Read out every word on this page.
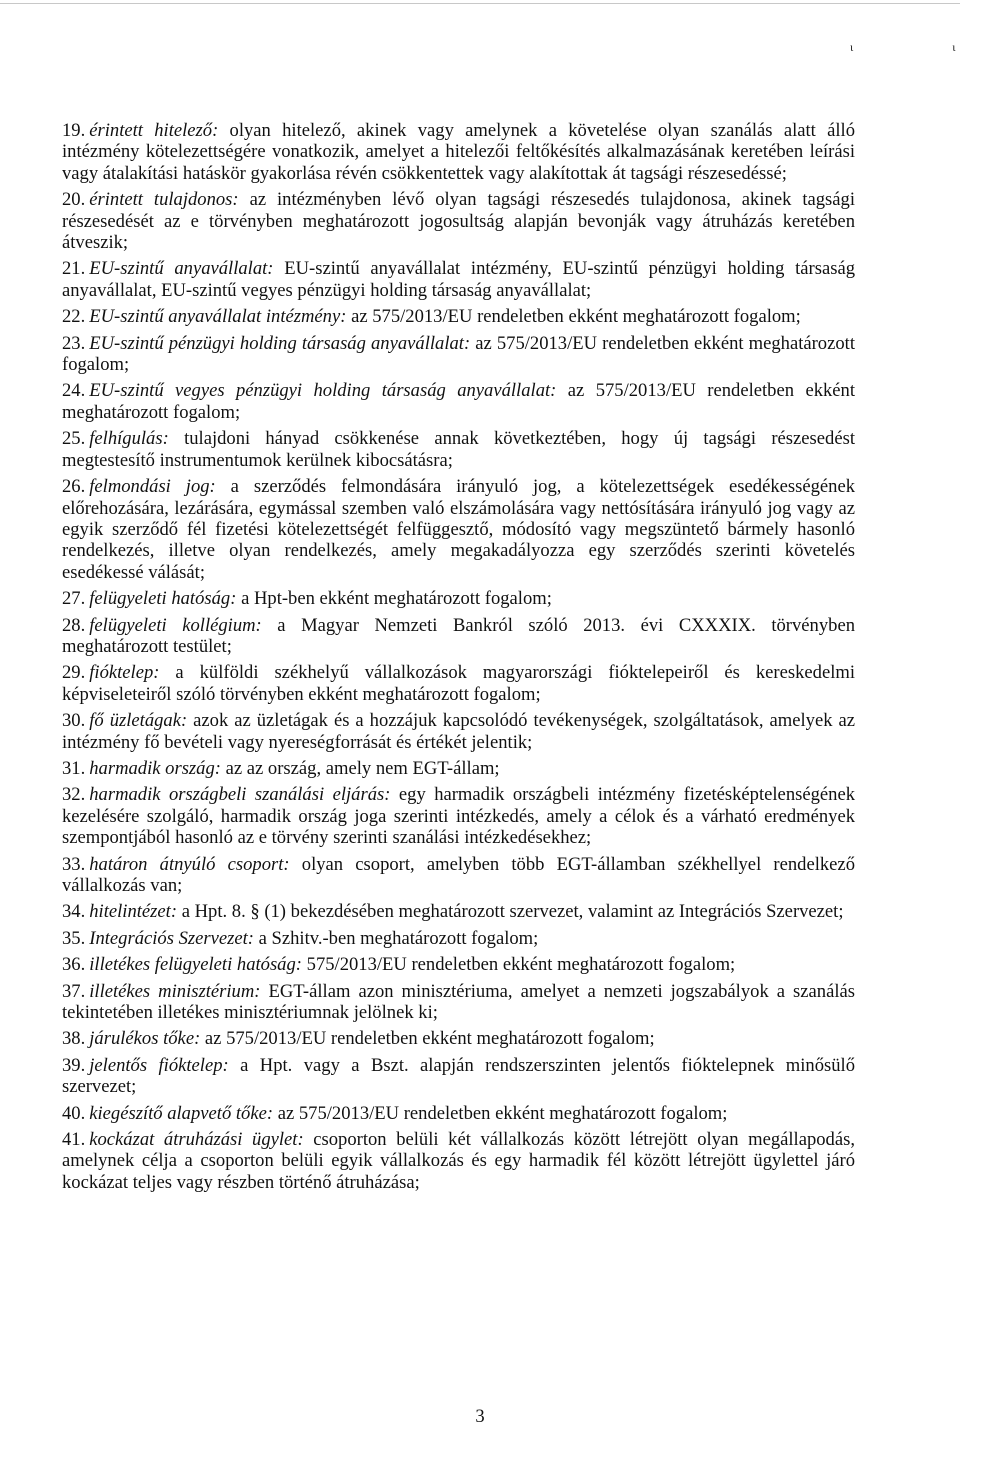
ι ι

19. érintett hitelező: olyan hitelező, akinek vagy amelynek a követelése olyan szanálás alatt álló intézmény kötelezettségére vonatkozik, amelyet a hitelezői feltőkésítés alkalmazásának keretében leírási vagy átalakítási hatáskör gyakorlása révén csökkentettek vagy alakítottak át tagsági részesedéssé;

20. érintett tulajdonos: az intézményben lévő olyan tagsági részesedés tulajdonosa, akinek tagsági részesedését az e törvényben meghatározott jogosultság alapján bevonják vagy átruházás keretében átveszik;

21. EU-szintű anyavállalat: EU-szintű anyavállalat intézmény, EU-szintű pénzügyi holding társaság anyavállalat, EU-szintű vegyes pénzügyi holding társaság anyavállalat;

22. EU-szintű anyavállalat intézmény: az 575/2013/EU rendeletben ekként meghatározott fogalom;

23. EU-szintű pénzügyi holding társaság anyavállalat: az 575/2013/EU rendeletben ekként meghatározott fogalom;

24. EU-szintű vegyes pénzügyi holding társaság anyavállalat: az 575/2013/EU rendeletben ekként meghatározott fogalom;

25. felhígulás: tulajdoni hányad csökkenése annak következtében, hogy új tagsági részesedést megtestesítő instrumentumok kerülnek kibocsátásra;

26. felmondási jog: a szerződés felmondására irányuló jog, a kötelezettségek esedékességének előrehozására, lezárására, egymással szemben való elszámolására vagy nettósítására irányuló jog vagy az egyik szerződő fél fizetési kötelezettségét felfüggesztő, módosító vagy megszüntető bármely hasonló rendelkezés, illetve olyan rendelkezés, amely megakadályozza egy szerződés szerinti követelés esedékessé válását;

27. felügyeleti hatóság: a Hpt-ben ekként meghatározott fogalom;

28. felügyeleti kollégium: a Magyar Nemzeti Bankról szóló 2013. évi CXXXIX. törvényben meghatározott testület;

29. fióktelep: a külföldi székhelyű vállalkozások magyarországi fióktelepeiről és kereskedelmi képviseleteiről szóló törvényben ekként meghatározott fogalom;

30. fő üzletágak: azok az üzletágak és a hozzájuk kapcsolódó tevékenységek, szolgáltatások, amelyek az intézmény fő bevételi vagy nyereségforrását és értékét jelentik;

31. harmadik ország: az az ország, amely nem EGT-állam;

32. harmadik országbeli szanálási eljárás: egy harmadik országbeli intézmény fizetésképtelenségének kezelésére szolgáló, harmadik ország joga szerinti intézkedés, amely a célok és a várható eredmények szempontjából hasonló az e törvény szerinti szanálási intézkedésekhez;

33. határon átnyúló csoport: olyan csoport, amelyben több EGT-államban székhellyel rendelkező vállalkozás van;

34. hitelintézet: a Hpt. 8. § (1) bekezdésében meghatározott szervezet, valamint az Integrációs Szervezet;

35. Integrációs Szervezet: a Szhitv.-ben meghatározott fogalom;

36. illetékes felügyeleti hatóság: 575/2013/EU rendeletben ekként meghatározott fogalom;

37. illetékes minisztérium: EGT-állam azon minisztériuma, amelyet a nemzeti jogszabályok a szanálás tekintetében illetékes minisztériumnak jelölnek ki;

38. járulékos tőke: az 575/2013/EU rendeletben ekként meghatározott fogalom;

39. jelentős fióktelep: a Hpt. vagy a Bszt. alapján rendszerszinten jelentős fióktelepnek minősülő szervezet;

40. kiegészítő alapvető tőke: az 575/2013/EU rendeletben ekként meghatározott fogalom;

41. kockázat átruházási ügylet: csoporton belüli két vállalkozás között létrejött olyan megállapodás, amelynek célja a csoporton belüli egyik vállalkozás és egy harmadik fél között létrejött ügylettel járó kockázat teljes vagy részben történő átruházása;

3
